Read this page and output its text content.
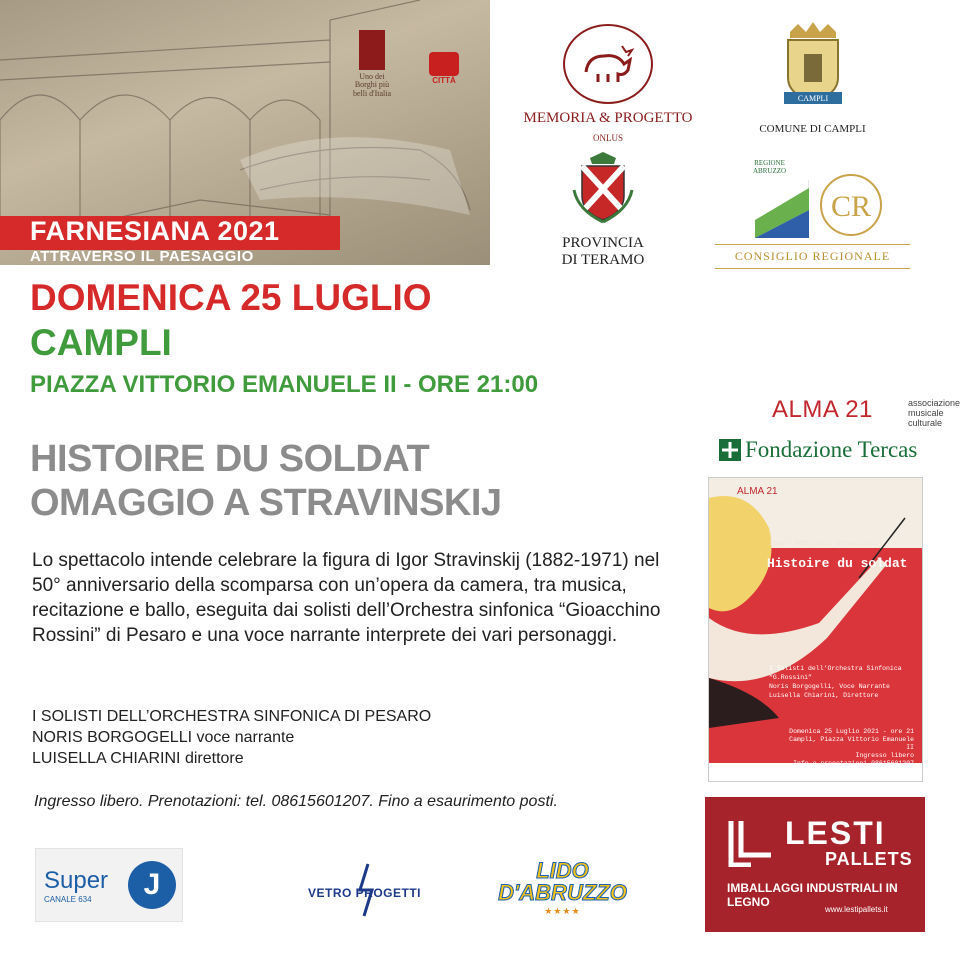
Uno dei Borghi più belli d'Italia
CITTÀ
FARNESIANA 2021
ATTRAVERSO IL PAESAGGIO
MEMORIA & PROGETTO
ONLUS
CAMPLI
COMUNE DI CAMPLI
PROVINCIA
DI TERAMO
REGIONE
ABRUZZO
CR
CONSIGLIO REGIONALE
DOMENICA 25 LUGLIO
CAMPLI
PIAZZA VITTORIO EMANUELE II - ORE 21:00
HISTOIRE DU SOLDAT
OMAGGIO A STRAVINSKIJ
Lo spettacolo intende celebrare la figura di Igor Stravinskij (1882-1971) nel 50° anniversario della scomparsa con un’opera da camera, tra musica, recitazione e ballo, eseguita dai solisti dell’Orchestra sinfonica “Gioacchino Rossini” di Pesaro e una voce narrante interprete dei vari personaggi.
I SOLISTI DELL’ORCHESTRA SINFONICA DI PESARO
NORIS BORGOGELLI voce narrante
LUISELLA CHIARINI direttore
Ingresso libero. Prenotazioni: tel. 08615601207. Fino a esaurimento posti.
ALMA 21	associazione musicale culturale
Fondazione Tercas
ALMA 21
Igor' Fëdorovič Stravinskij
Histoire du soldat
I Solisti dell’Orchestra Sinfonica “G.Rossini”
Noris Borgogelli, Voce Narrante
Luisella Chiarini, Direttore
Domenica 25 Luglio 2021 - ore 21
Campli, Piazza Vittorio Emanuele II
Ingresso libero

LESTI
PALLETS
IMBALLAGGI INDUSTRIALI IN LEGNO
www.lestipallets.it
Super
CANALE 634	J	VETRO PROGETTI
LIDO
D'ABRUZZO
★★★★
